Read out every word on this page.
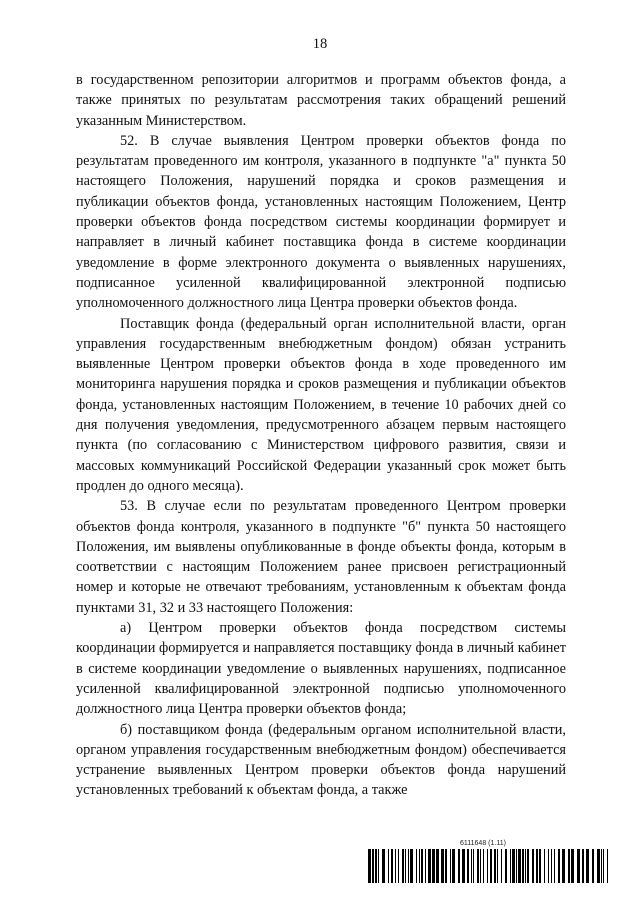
18

в государственном репозитории алгоритмов и программ объектов фонда, а также принятых по результатам рассмотрения таких обращений решений указанным Министерством.

52. В случае выявления Центром проверки объектов фонда по результатам проведенного им контроля, указанного в подпункте "а" пункта 50 настоящего Положения, нарушений порядка и сроков размещения и публикации объектов фонда, установленных настоящим Положением, Центр проверки объектов фонда посредством системы координации формирует и направляет в личный кабинет поставщика фонда в системе координации уведомление в форме электронного документа о выявленных нарушениях, подписанное усиленной квалифицированной электронной подписью уполномоченного должностного лица Центра проверки объектов фонда.

Поставщик фонда (федеральный орган исполнительной власти, орган управления государственным внебюджетным фондом) обязан устранить выявленные Центром проверки объектов фонда в ходе проведенного им мониторинга нарушения порядка и сроков размещения и публикации объектов фонда, установленных настоящим Положением, в течение 10 рабочих дней со дня получения уведомления, предусмотренного абзацем первым настоящего пункта (по согласованию с Министерством цифрового развития, связи и массовых коммуникаций Российской Федерации указанный срок может быть продлен до одного месяца).

53. В случае если по результатам проведенного Центром проверки объектов фонда контроля, указанного в подпункте "б" пункта 50 настоящего Положения, им выявлены опубликованные в фонде объекты фонда, которым в соответствии с настоящим Положением ранее присвоен регистрационный номер и которые не отвечают требованиям, установленным к объектам фонда пунктами 31, 32 и 33 настоящего Положения:

а) Центром проверки объектов фонда посредством системы координации формируется и направляется поставщику фонда в личный кабинет в системе координации уведомление о выявленных нарушениях, подписанное усиленной квалифицированной электронной подписью уполномоченного должностного лица Центра проверки объектов фонда;

б) поставщиком фонда (федеральным органом исполнительной власти, органом управления государственным внебюджетным фондом) обеспечивается устранение выявленных Центром проверки объектов фонда нарушений установленных требований к объектам фонда, а также

6111648 (1.11)
